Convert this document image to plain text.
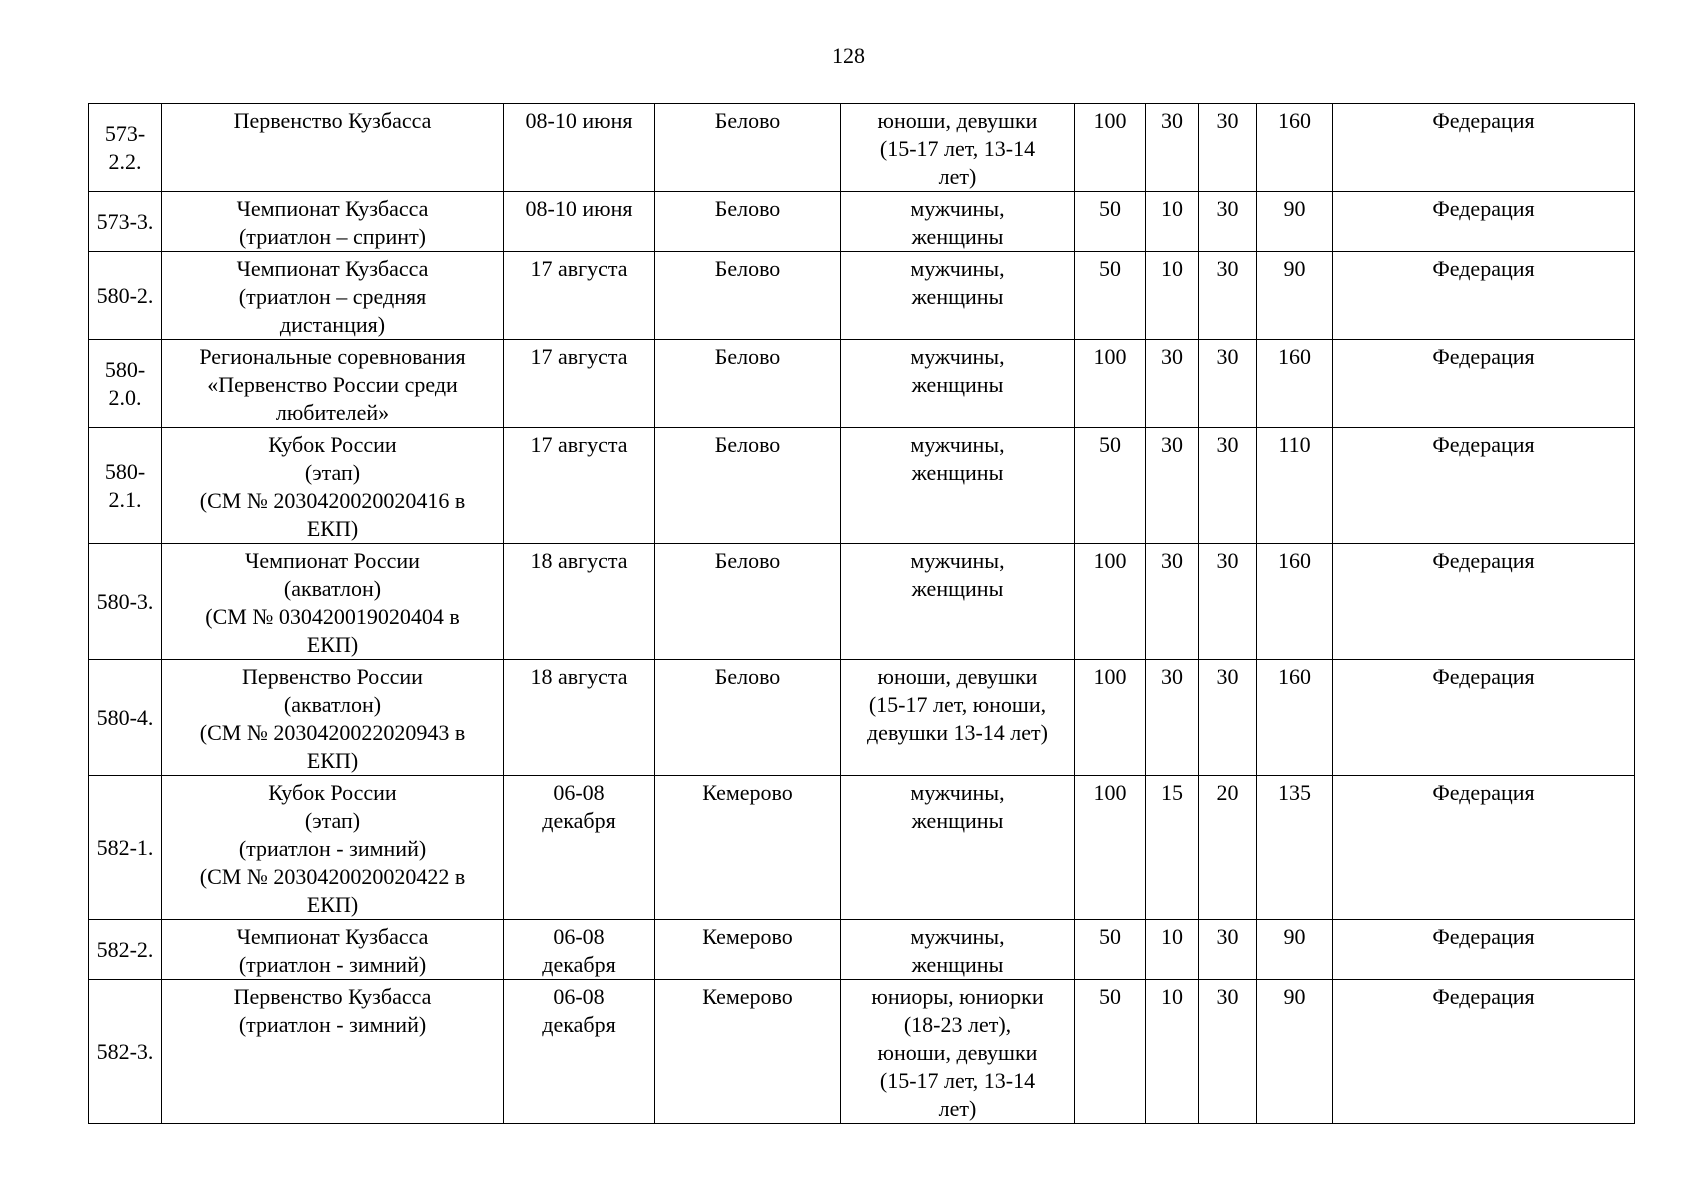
128
573-
2.2.	Первенство Кузбасса	08-10 июня	Белово	юноши, девушки
(15-17 лет, 13-14
лет)	100	30	30	160	Федерация
573-3.	Чемпионат Кузбасса
(триатлон – спринт)	08-10 июня	Белово	мужчины,
женщины	50	10	30	90	Федерация
580-2.	Чемпионат Кузбасса
(триатлон – средняя
дистанция)	17 августа	Белово	мужчины,
женщины	50	10	30	90	Федерация
580-
2.0.	Региональные соревнования
«Первенство России среди
любителей»	17 августа	Белово	мужчины,
женщины	100	30	30	160	Федерация
580-
2.1.	Кубок России
(этап)
(СМ № 2030420020020416 в
ЕКП)	17 августа	Белово	мужчины,
женщины	50	30	30	110	Федерация
580-3.	Чемпионат России
(акватлон)
(СМ № 030420019020404 в
ЕКП)	18 августа	Белово	мужчины,
женщины	100	30	30	160	Федерация
580-4.	Первенство России
(акватлон)
(СМ № 2030420022020943 в
ЕКП)	18 августа	Белово	юноши, девушки
(15-17 лет, юноши,
девушки 13-14 лет)	100	30	30	160	Федерация
582-1.	Кубок России
(этап)
(триатлон - зимний)
(СМ № 2030420020020422 в
ЕКП)	06-08
декабря	Кемерово	мужчины,
женщины	100	15	20	135	Федерация
582-2.	Чемпионат Кузбасса
(триатлон - зимний)	06-08
декабря	Кемерово	мужчины,
женщины	50	10	30	90	Федерация
582-3.	Первенство Кузбасса
(триатлон - зимний)	06-08
декабря	Кемерово	юниоры, юниорки
(18-23 лет),
юноши, девушки
(15-17 лет, 13-14
лет)	50	10	30	90	Федерация
